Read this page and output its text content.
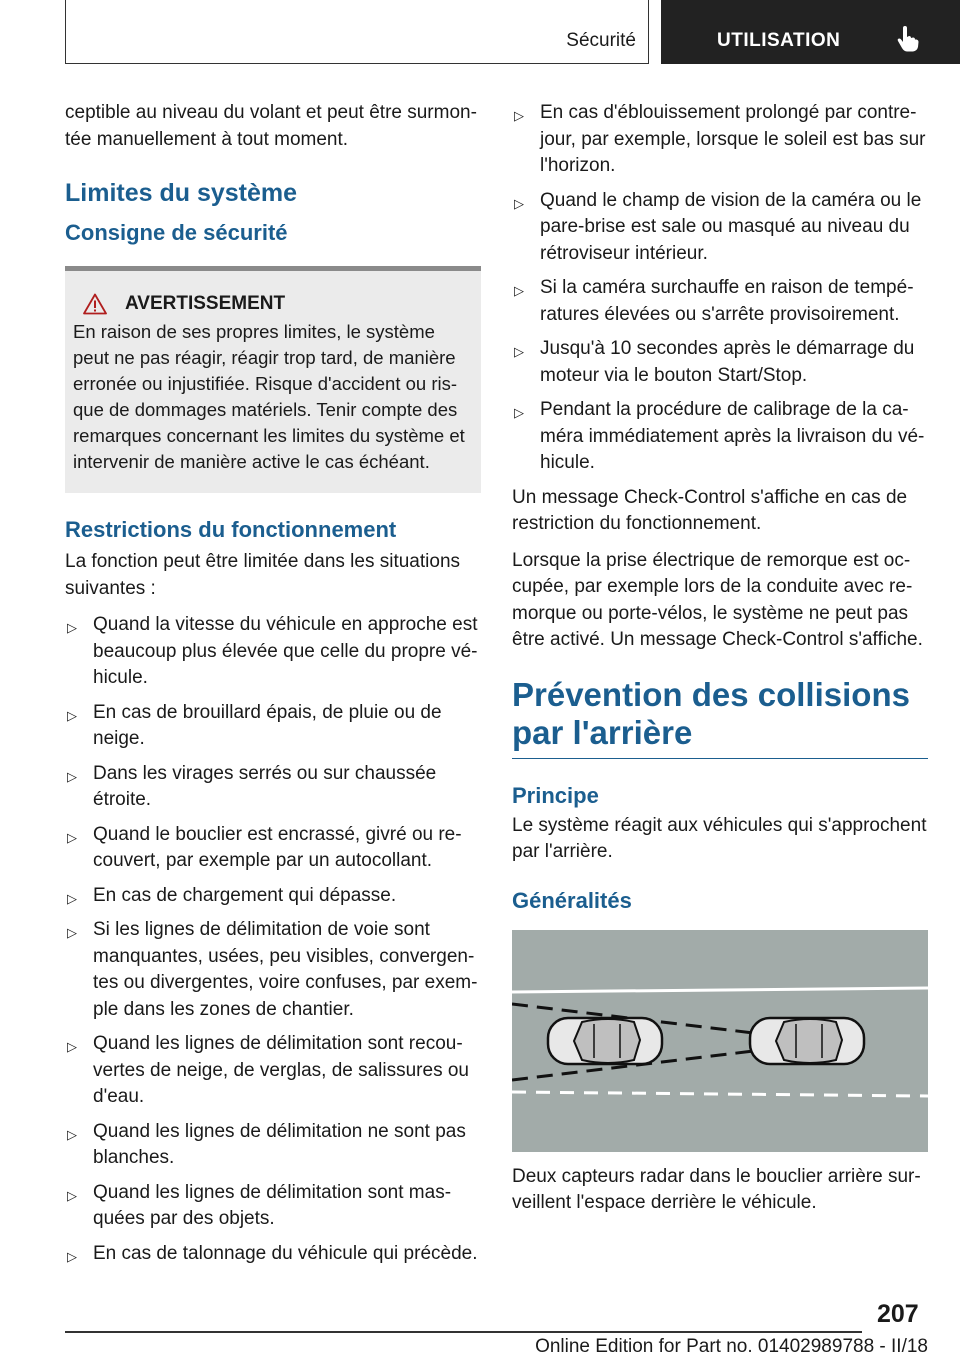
Sécurité	UTILISATION

ceptible au niveau du volant et peut être surmon‐tée manuellement à tout moment.

Limites du système
Consigne de sécurité
AVERTISSEMENT

En raison de ses propres limites, le système peut ne pas réagir, réagir trop tard, de manière erronée ou injustifiée. Risque d'accident ou ris‐que de dommages matériels. Tenir compte des remarques concernant les limites du système et intervenir de manière active le cas échéant.

Restrictions du fonctionnement

La fonction peut être limitée dans les situations suivantes :

▷ Quand la vitesse du véhicule en approche est beaucoup plus élevée que celle du propre vé‐hicule.
▷ En cas de brouillard épais, de pluie ou de neige.
▷ Dans les virages serrés ou sur chaussée étroite.
▷ Quand le bouclier est encrassé, givré ou re‐couvert, par exemple par un autocollant.
▷ En cas de chargement qui dépasse.
▷ Si les lignes de délimitation de voie sont manquantes, usées, peu visibles, convergen‐tes ou divergentes, voire confuses, par exem‐ple dans les zones de chantier.
▷ Quand les lignes de délimitation sont recou‐vertes de neige, de verglas, de salissures ou d'eau.
▷ Quand les lignes de délimitation ne sont pas blanches.
▷ Quand les lignes de délimitation sont mas‐quées par des objets.
▷ En cas de talonnage du véhicule qui précède.
▷ En cas d'éblouissement prolongé par contre-jour, par exemple, lorsque le soleil est bas sur l'horizon.
▷ Quand le champ de vision de la caméra ou le pare-brise est sale ou masqué au niveau du rétroviseur intérieur.
▷ Si la caméra surchauffe en raison de tempé‐ratures élevées ou s'arrête provisoirement.
▷ Jusqu'à 10 secondes après le démarrage du moteur via le bouton Start/Stop.
▷ Pendant la procédure de calibrage de la ca‐méra immédiatement après la livraison du vé‐hicule.

Un message Check-Control s'affiche en cas de restriction du fonctionnement.

Lorsque la prise électrique de remorque est oc‐cupée, par exemple lors de la conduite avec re‐morque ou porte-vélos, le système ne peut pas être activé. Un message Check-Control s'affiche.

Prévention des collisions par l'arrière
Principe

Le système réagit aux véhicules qui s'approchent par l'arrière.

Généralités

Deux capteurs radar dans le bouclier arrière sur‐veillent l'espace derrière le véhicule.

207
Online Edition for Part no. 01402989788 - II/18
